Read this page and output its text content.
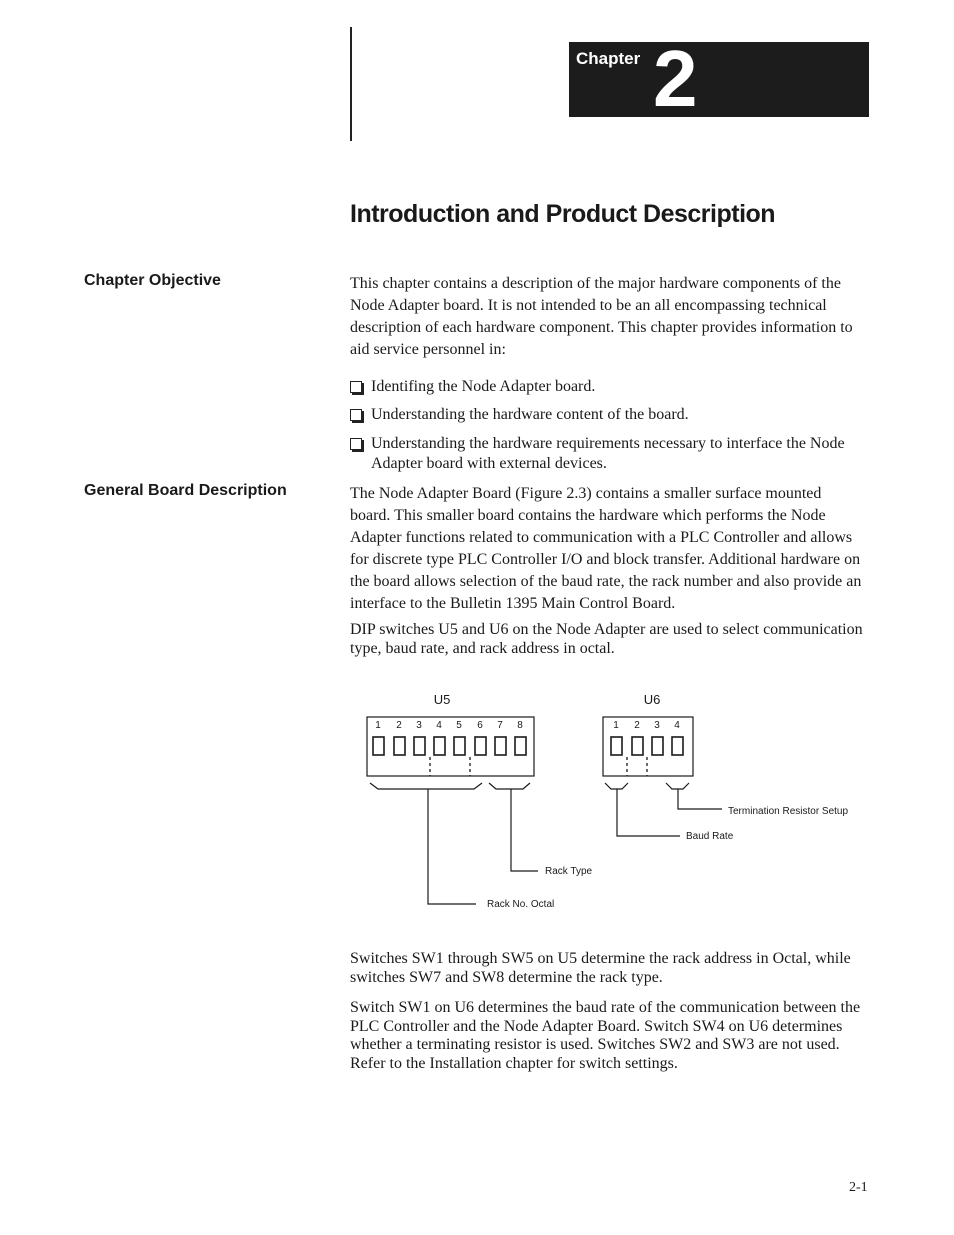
Chapter 2
Introduction and Product Description
Chapter Objective	This chapter contains a description of the major hardware components of the Node Adapter board. It is not intended to be an all encompassing technical description of each hardware component. This chapter provides information to aid service personnel in:

Identifing the Node Adapter board.
Understanding the hardware content of the board.
Understanding the hardware requirements necessary to interface the Node Adapter board with external devices.
General Board Description	The Node Adapter Board (Figure 2.3) contains a smaller surface mounted board. This smaller board contains the hardware which performs the Node Adapter functions related to communication with a PLC Controller and allows for discrete type PLC Controller I/O and block transfer. Additional hardware on the board allows selection of the baud rate, the rack number and also provide an interface to the Bulletin 1395 Main Control Board.

DIP switches U5 and U6 on the Node Adapter are used to select communication type, baud rate, and rack address in octal.

U5	U6
1 2 3 4 5 6 7 8	1 2 3 4
Termination Resistor Setup
Baud Rate
Rack Type
Rack No. Octal

Switches SW1 through SW5 on U5 determine the rack address in Octal, while switches SW7 and SW8 determine the rack type.

Switch SW1 on U6 determines the baud rate of the communication between the PLC Controller and the Node Adapter Board. Switch SW4 on U6 determines whether a terminating resistor is used. Switches SW2 and SW3 are not used. Refer to the Installation chapter for switch settings.

2-1
